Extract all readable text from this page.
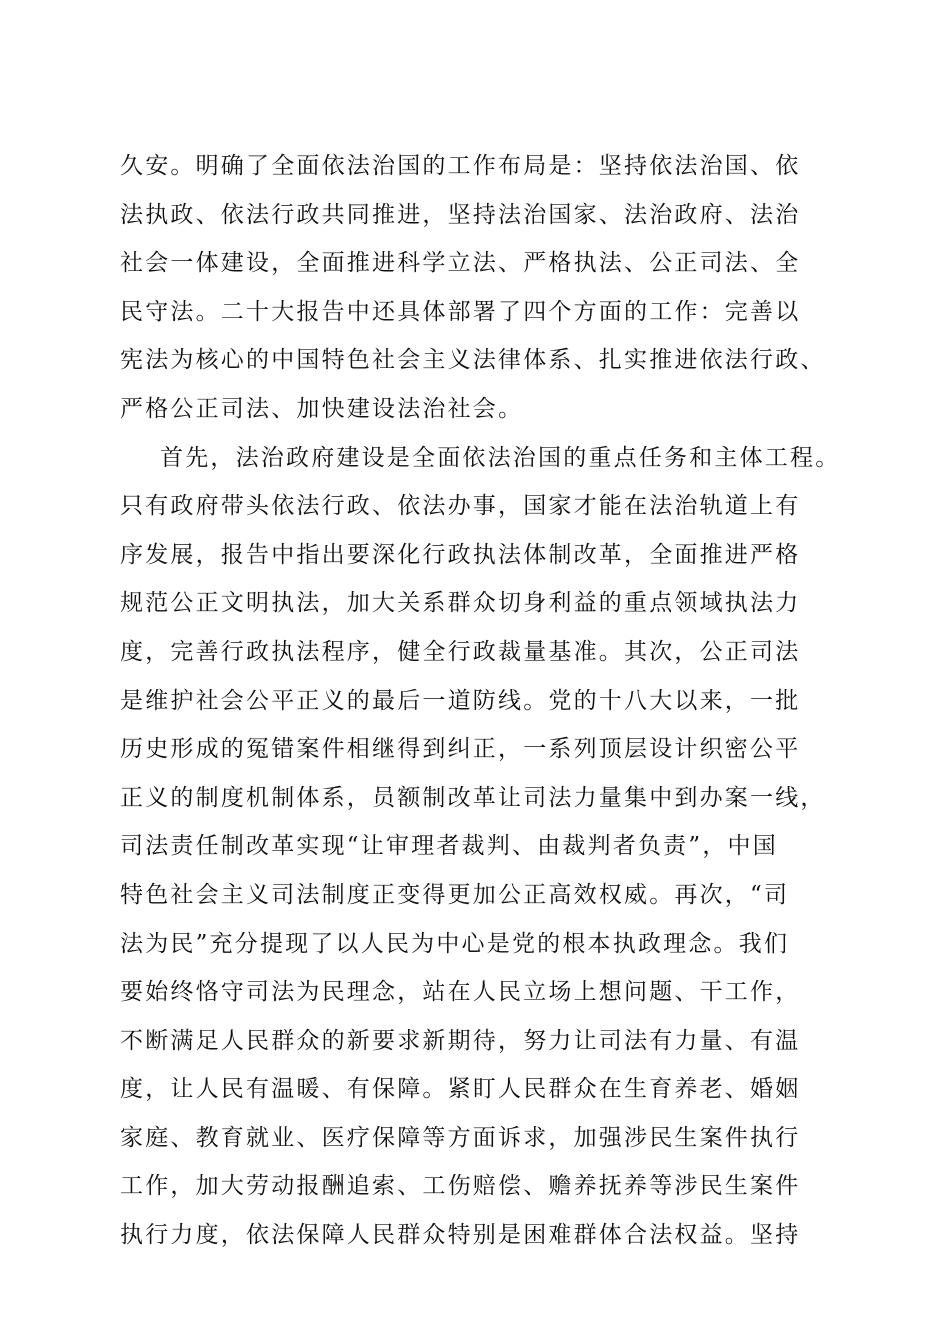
久安。明确了全面依法治国的工作布局是：坚持依法治国、依
法执政、依法行政共同推进，坚持法治国家、法治政府、法治
社会一体建设，全面推进科学立法、严格执法、公正司法、全
民守法。二十大报告中还具体部署了四个方面的工作：完善以
宪法为核心的中国特色社会主义法律体系、扎实推进依法行政、
严格公正司法、加快建设法治社会。
首先，法治政府建设是全面依法治国的重点任务和主体工程。
只有政府带头依法行政、依法办事，国家才能在法治轨道上有
序发展，报告中指出要深化行政执法体制改革，全面推进严格
规范公正文明执法，加大关系群众切身利益的重点领域执法力
度，完善行政执法程序，健全行政裁量基准。其次，公正司法
是维护社会公平正义的最后一道防线。党的十八大以来，一批
历史形成的冤错案件相继得到纠正，一系列顶层设计织密公平
正义的制度机制体系，员额制改革让司法力量集中到办案一线，
司法责任制改革实现“让审理者裁判、由裁判者负责”，中国
特色社会主义司法制度正变得更加公正高效权威。再次，“司
法为民”充分提现了以人民为中心是党的根本执政理念。我们
要始终恪守司法为民理念，站在人民立场上想问题、干工作，
不断满足人民群众的新要求新期待，努力让司法有力量、有温
度，让人民有温暖、有保障。紧盯人民群众在生育养老、婚姻
家庭、教育就业、医疗保障等方面诉求，加强涉民生案件执行
工作，加大劳动报酬追索、工伤赔偿、赡养抚养等涉民生案件
执行力度，依法保障人民群众特别是困难群体合法权益。坚持
